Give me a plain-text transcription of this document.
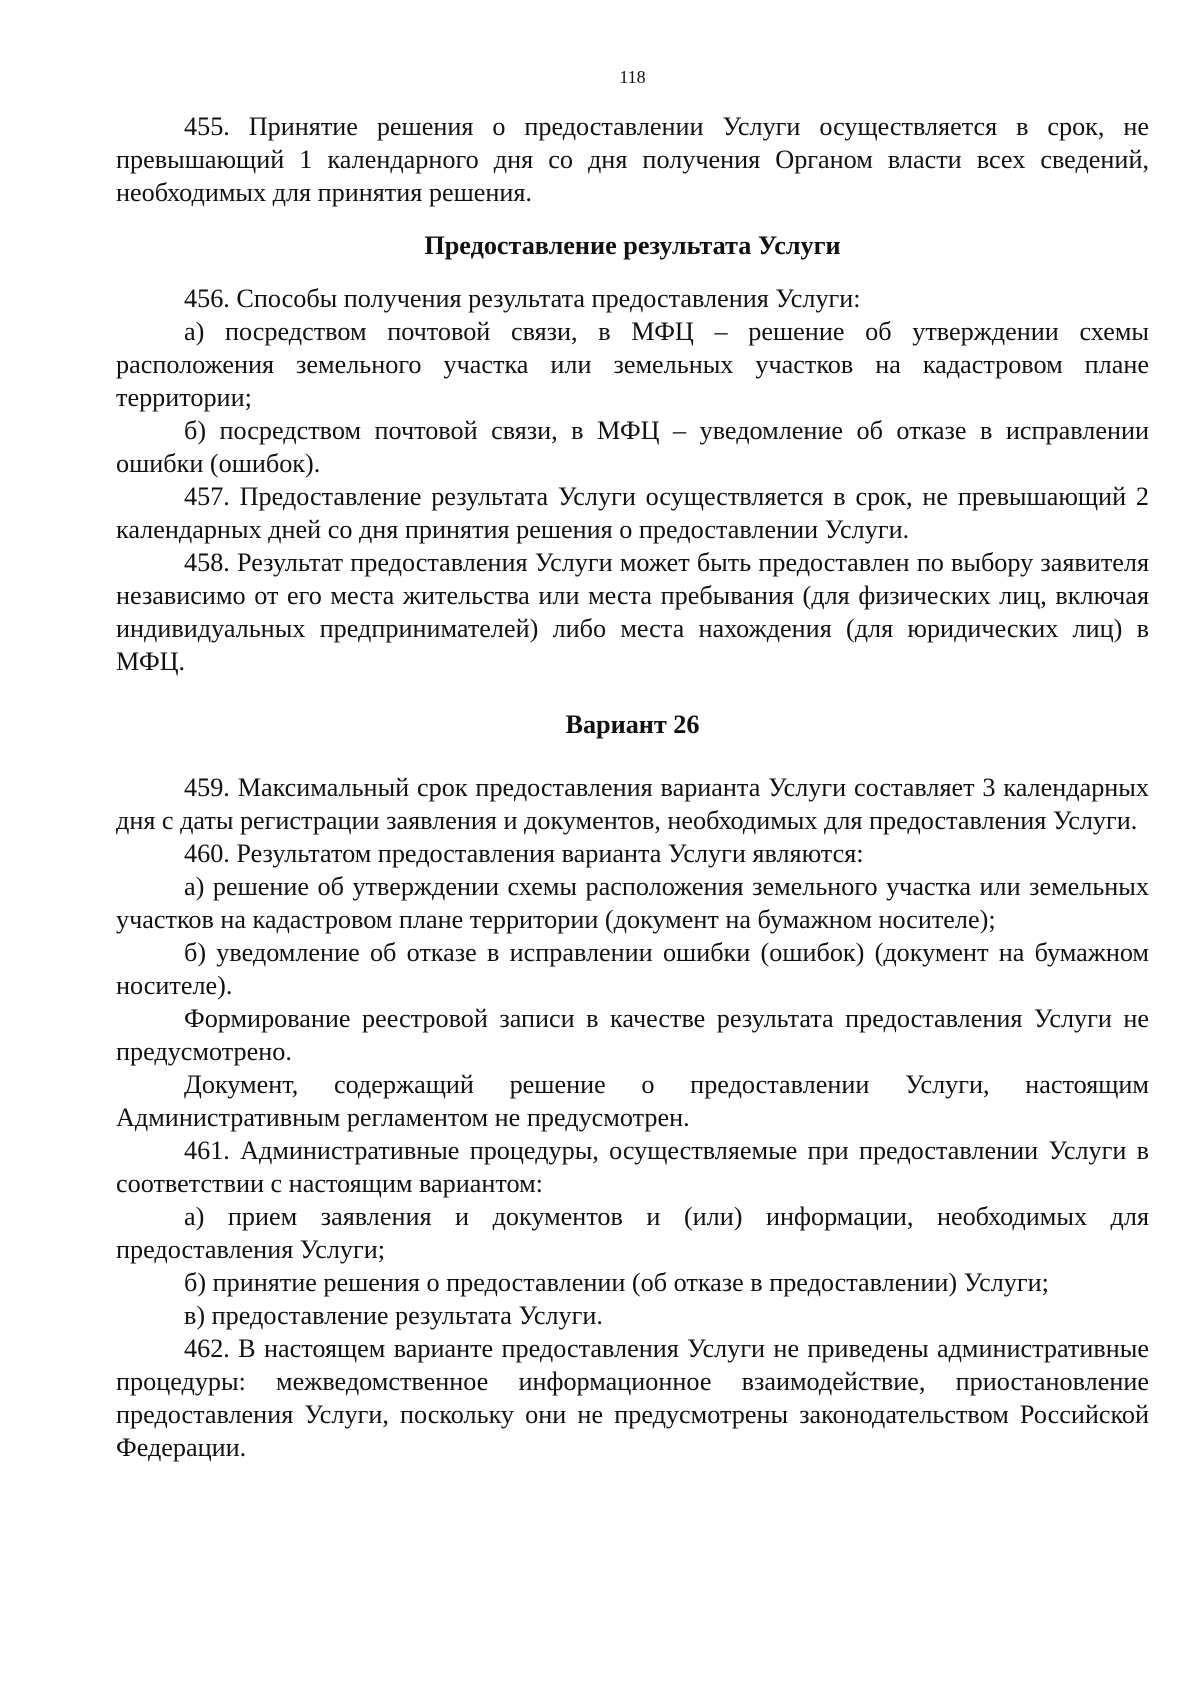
118

455. Принятие решения о предоставлении Услуги осуществляется в срок, не превышающий 1 календарного дня со дня получения Органом власти всех сведений, необходимых для принятия решения.

Предоставление результата Услуги

456. Способы получения результата предоставления Услуги:

а) посредством почтовой связи, в МФЦ – решение об утверждении схемы расположения земельного участка или земельных участков на кадастровом плане территории;

б) посредством почтовой связи, в МФЦ – уведомление об отказе в исправлении ошибки (ошибок).

457. Предоставление результата Услуги осуществляется в срок, не превышающий 2 календарных дней со дня принятия решения о предоставлении Услуги.

458. Результат предоставления Услуги может быть предоставлен по выбору заявителя независимо от его места жительства или места пребывания (для физических лиц, включая индивидуальных предпринимателей) либо места нахождения (для юридических лиц) в МФЦ.

Вариант 26

459. Максимальный срок предоставления варианта Услуги составляет 3 календарных дня с даты регистрации заявления и документов, необходимых для предоставления Услуги.

460. Результатом предоставления варианта Услуги являются:

а) решение об утверждении схемы расположения земельного участка или земельных участков на кадастровом плане территории (документ на бумажном носителе);

б) уведомление об отказе в исправлении ошибки (ошибок) (документ на бумажном носителе).

Формирование реестровой записи в качестве результата предоставления Услуги не предусмотрено.

Документ, содержащий решение о предоставлении Услуги, настоящим Административным регламентом не предусмотрен.

461. Административные процедуры, осуществляемые при предоставлении Услуги в соответствии с настоящим вариантом:

а) прием заявления и документов и (или) информации, необходимых для предоставления Услуги;

б) принятие решения о предоставлении (об отказе в предоставлении) Услуги;

в) предоставление результата Услуги.

462. В настоящем варианте предоставления Услуги не приведены административные процедуры: межведомственное информационное взаимодействие, приостановление предоставления Услуги, поскольку они не предусмотрены законодательством Российской Федерации.
